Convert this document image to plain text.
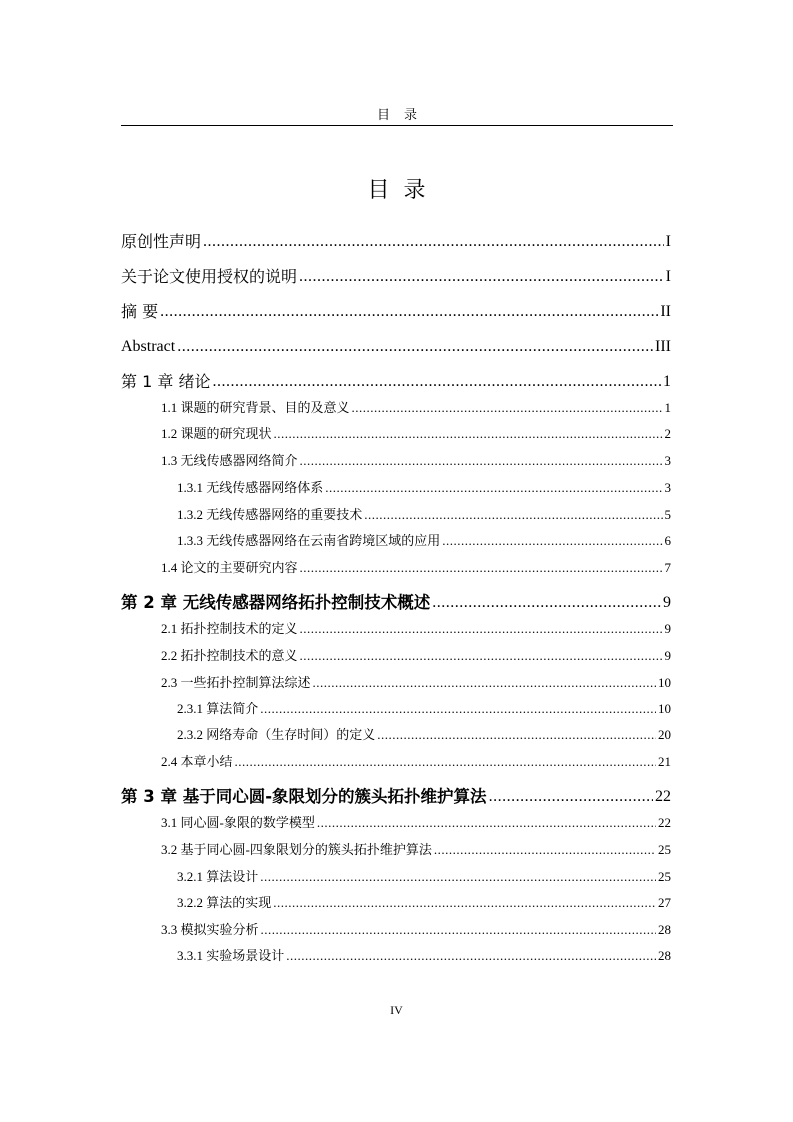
目录
目录
原创性声明 .....	I
关于论文使用授权的说明 .....	I
摘 要 .....	II
Abstract .....	III
第 1 章 绪论 .....	1
1.1 课题的研究背景、目的及意义 .....	1
1.2 课题的研究现状 .....	2
1.3 无线传感器网络简介 .....	3
1.3.1 无线传感器网络体系 .....	3
1.3.2 无线传感器网络的重要技术 .....	5
1.3.3 无线传感器网络在云南省跨境区域的应用 .....	6
1.4 论文的主要研究内容 .....	7
第 2 章 无线传感器网络拓扑控制技术概述 .....	9
2.1 拓扑控制技术的定义 .....	9
2.2 拓扑控制技术的意义 .....	9
2.3 一些拓扑控制算法综述 .....	10
2.3.1 算法简介 .....	10
2.3.2 网络寿命（生存时间）的定义 .....	20
2.4 本章小结 .....	21
第 3 章 基于同心圆-象限划分的簇头拓扑维护算法 .....	22
3.1 同心圆-象限的数学模型 .....	22
3.2 基于同心圆-四象限划分的簇头拓扑维护算法 .....	25
3.2.1 算法设计 .....	25
3.2.2 算法的实现 .....	27
3.3 模拟实验分析 .....	28
3.3.1 实验场景设计 .....	28
IV
